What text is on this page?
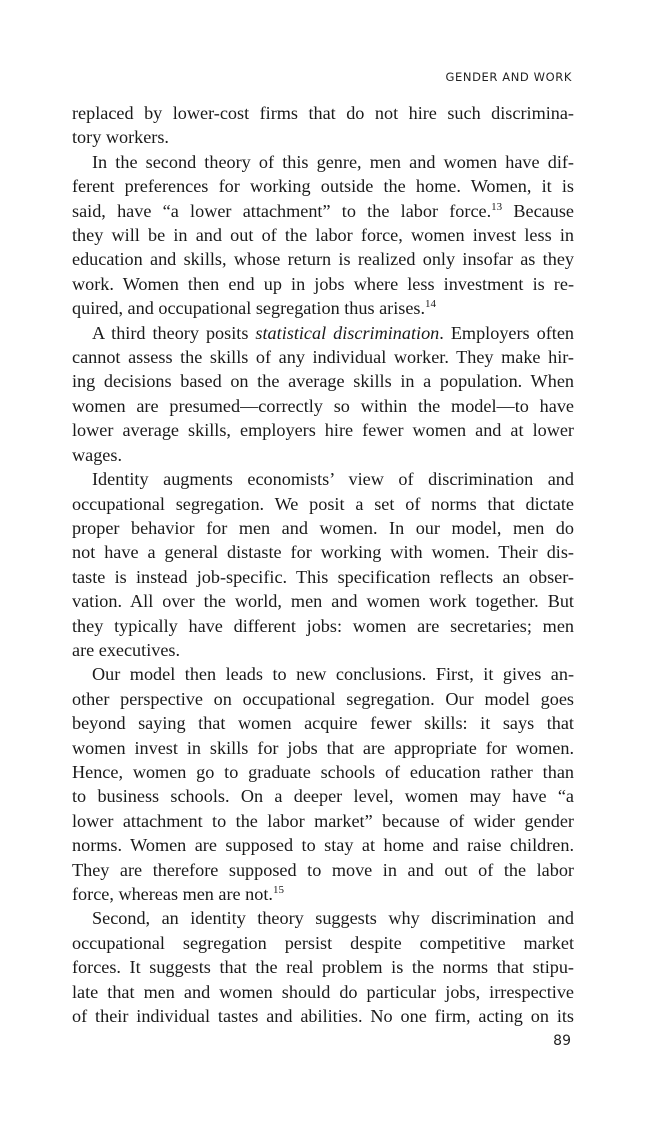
GENDER AND WORK
replaced by lower-cost firms that do not hire such discrimina-
tory workers.
In the second theory of this genre, men and women have dif-
ferent preferences for working outside the home. Women, it is
said, have “a lower attachment” to the labor force.$^{13}$ Because
they will be in and out of the labor force, women invest less in
education and skills, whose return is realized only insofar as they
work. Women then end up in jobs where less investment is re-
quired, and occupational segregation thus arises.$^{14}$
A third theory posits statistical discrimination. Employers often
cannot assess the skills of any individual worker. They make hir-
ing decisions based on the average skills in a population. When
women are presumed—correctly so within the model—to have
lower average skills, employers hire fewer women and at lower
wages.
Identity augments economists’ view of discrimination and
occupational segregation. We posit a set of norms that dictate
proper behavior for men and women. In our model, men do
not have a general distaste for working with women. Their dis-
taste is instead job-specific. This specification reflects an obser-
vation. All over the world, men and women work together. But
they typically have different jobs: women are secretaries; men
are executives.
Our model then leads to new conclusions. First, it gives an-
other perspective on occupational segregation. Our model goes
beyond saying that women acquire fewer skills: it says that
women invest in skills for jobs that are appropriate for women.
Hence, women go to graduate schools of education rather than
to business schools. On a deeper level, women may have “a
lower attachment to the labor market” because of wider gender
norms. Women are supposed to stay at home and raise children.
They are therefore supposed to move in and out of the labor
force, whereas men are not.$^{15}$
Second, an identity theory suggests why discrimination and
occupational segregation persist despite competitive market
forces. It suggests that the real problem is the norms that stipu-
late that men and women should do particular jobs, irrespective
of their individual tastes and abilities. No one firm, acting on its
89
